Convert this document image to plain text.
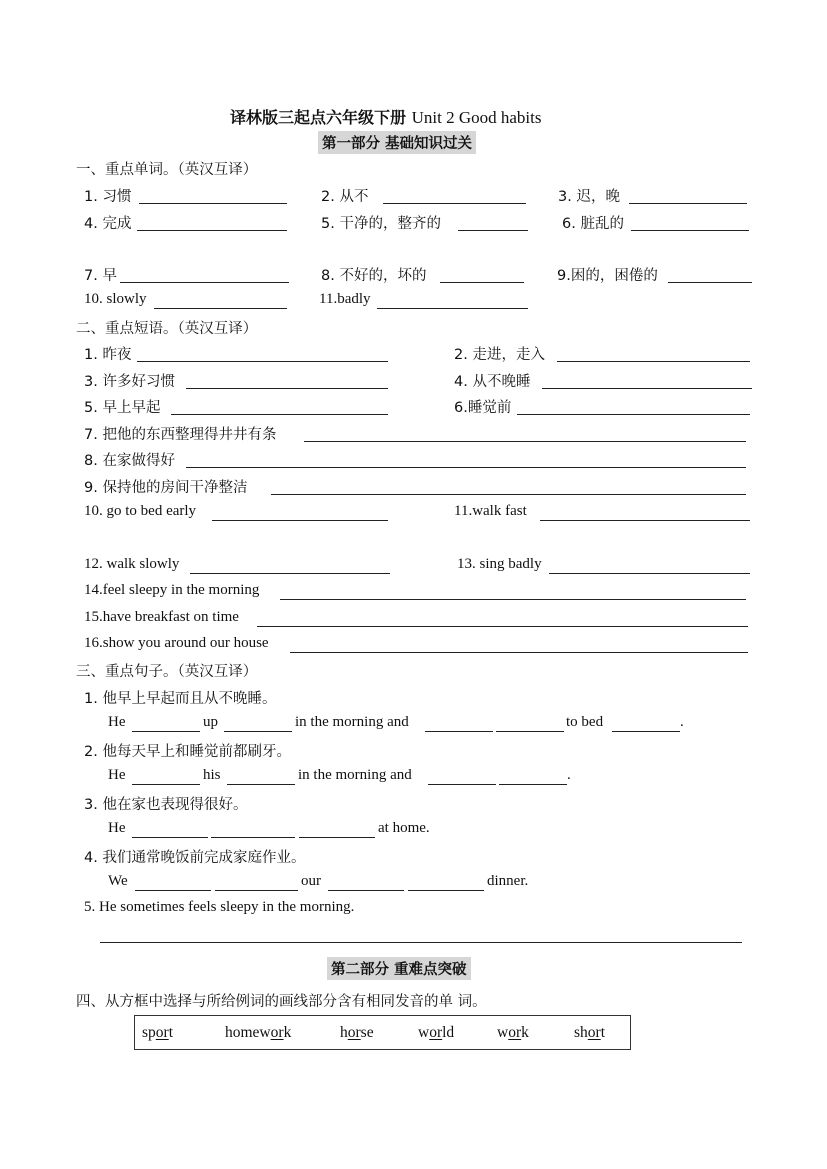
译林版三起点六年级下册 Unit 2 Good habits
第一部分 基础知识过关
一、重点单词。（英汉互译）
1. 习惯	2. 从不	3. 迟，晚
4. 完成	5. 干净的，整齐的	6. 脏乱的
7. 早	8. 不好的，坏的	9.困的，困倦的
10. slowly	11.badly
二、重点短语。（英汉互译）
1. 昨夜	2. 走进，走入
3. 许多好习惯	4. 从不晚睡
5. 早上早起	6.睡觉前
7. 把他的东西整理得井井有条
8. 在家做得好
9. 保持他的房间干净整洁
10. go to bed early	11.walk fast
12. walk slowly	13. sing badly
14.feel sleepy in the morning
15.have breakfast on time
16.show you around our house
三、重点句子。（英汉互译）
1. 他早上早起而且从不晚睡。
He	up	in the morning and	to bed	.
2. 他每天早上和睡觉前都刷牙。
He	his	in the morning and	.
3. 他在家也表现得很好。
He	at home.
4. 我们通常晚饭前完成家庭作业。
We	our	dinner.
5. He sometimes feels sleepy in the morning.
第二部分 重难点突破
四、从方框中选择与所给例词的画线部分含有相同发音的单 词。
sport	homework	horse	world	work	short
